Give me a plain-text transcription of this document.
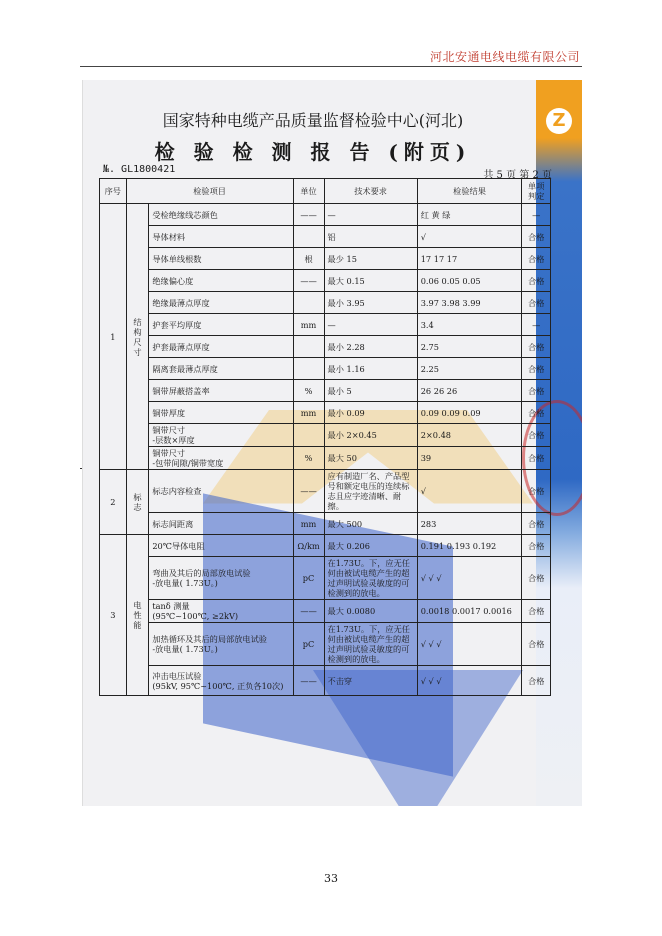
河北安通电线电缆有限公司
Z
国家特种电缆产品质量监督检验中心(河北)
检 验 检 测 报 告 (附页)
№. GL1800421
共 5 页 第 2 页
序号	检验项目		单位	技术要求	检验结果	单项判定
1	结构尺寸	受检绝缘线芯颜色	——	—	红 黄 绿	—
		导体材料		铝	√	合格
		导体单线根数	根	最少 15	17 17 17	合格
		绝缘偏心度	——	最大 0.15	0.06 0.05 0.05	合格
		绝缘最薄点厚度		最小 3.95	3.97 3.98 3.99	合格
		护套平均厚度	mm	—	3.4	—
		护套最薄点厚度		最小 2.28	2.75	合格
		隔离套最薄点厚度		最小 1.16	2.25	合格
		铜带屏蔽搭盖率	%	最小 5	26 26 26	合格
		铜带厚度	mm	最小 0.09	0.09 0.09 0.09	合格
		铜带尺寸
-层数×厚度		最小 2×0.45	2×0.48	合格
		铜带尺寸
-包带间隙/铜带宽度	%	最大 50	39	合格
2	标志	标志内容检查	——	应有制造厂名、产品型号和额定电压的连续标志且应字迹清晰、耐擦。	√	合格
		标志间距离	mm	最大 500	283	合格
3	电性能	20℃导体电阻	Ω/km	最大 0.206	0.191 0.193 0.192	合格
		弯曲及其后的局部放电试验
-放电量( 1.73U。)	pC	在1.73U。下，应无任何由被试电缆产生的超过声明试验灵敏度的可检测到的放电。	√ √ √	合格
		tanδ 测量
(95℃~100℃, ≥2kV)	——	最大 0.0080	0.0018 0.0017 0.0016	合格
		加热循环及其后的局部放电试验
-放电量( 1.73U。)	pC	在1.73U。下，应无任何由被试电缆产生的超过声明试验灵敏度的可检测到的放电。	√ √ √	合格
		冲击电压试验
(95kV, 95℃~100℃, 正负各10次)	——	不击穿	√ √ √	合格
33
